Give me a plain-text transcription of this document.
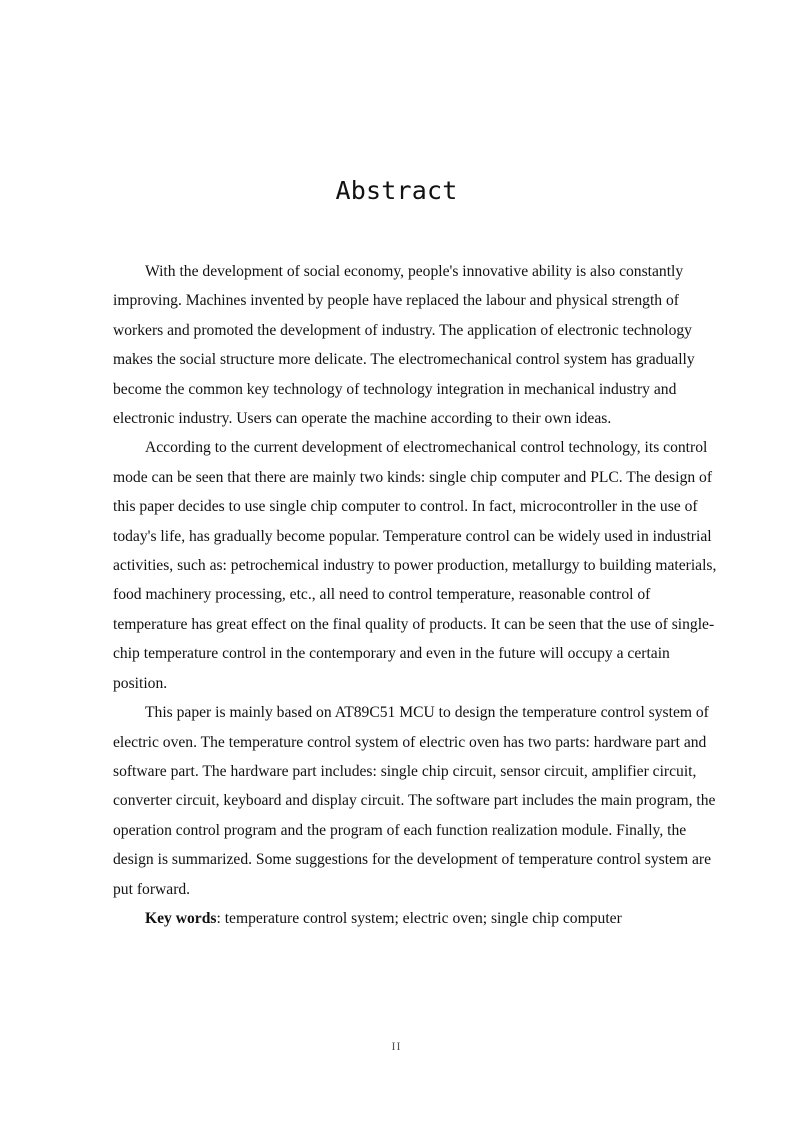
Abstract

With the development of social economy, people's innovative ability is also constantly improving. Machines invented by people have replaced the labour and physical strength of workers and promoted the development of industry. The application of electronic technology makes the social structure more delicate. The electromechanical control system has gradually become the common key technology of technology integration in mechanical industry and electronic industry. Users can operate the machine according to their own ideas.

According to the current development of electromechanical control technology, its control mode can be seen that there are mainly two kinds: single chip computer and PLC. The design of this paper decides to use single chip computer to control. In fact, microcontroller in the use of today's life, has gradually become popular. Temperature control can be widely used in industrial activities, such as: petrochemical industry to power production, metallurgy to building materials, food machinery processing, etc., all need to control temperature, reasonable control of temperature has great effect on the final quality of products. It can be seen that the use of single-chip temperature control in the contemporary and even in the future will occupy a certain position.

This paper is mainly based on AT89C51 MCU to design the temperature control system of electric oven. The temperature control system of electric oven has two parts: hardware part and software part. The hardware part includes: single chip circuit, sensor circuit, amplifier circuit, converter circuit, keyboard and display circuit. The software part includes the main program, the operation control program and the program of each function realization module. Finally, the design is summarized. Some suggestions for the development of temperature control system are put forward.

Key words: temperature control system; electric oven; single chip computer

II
